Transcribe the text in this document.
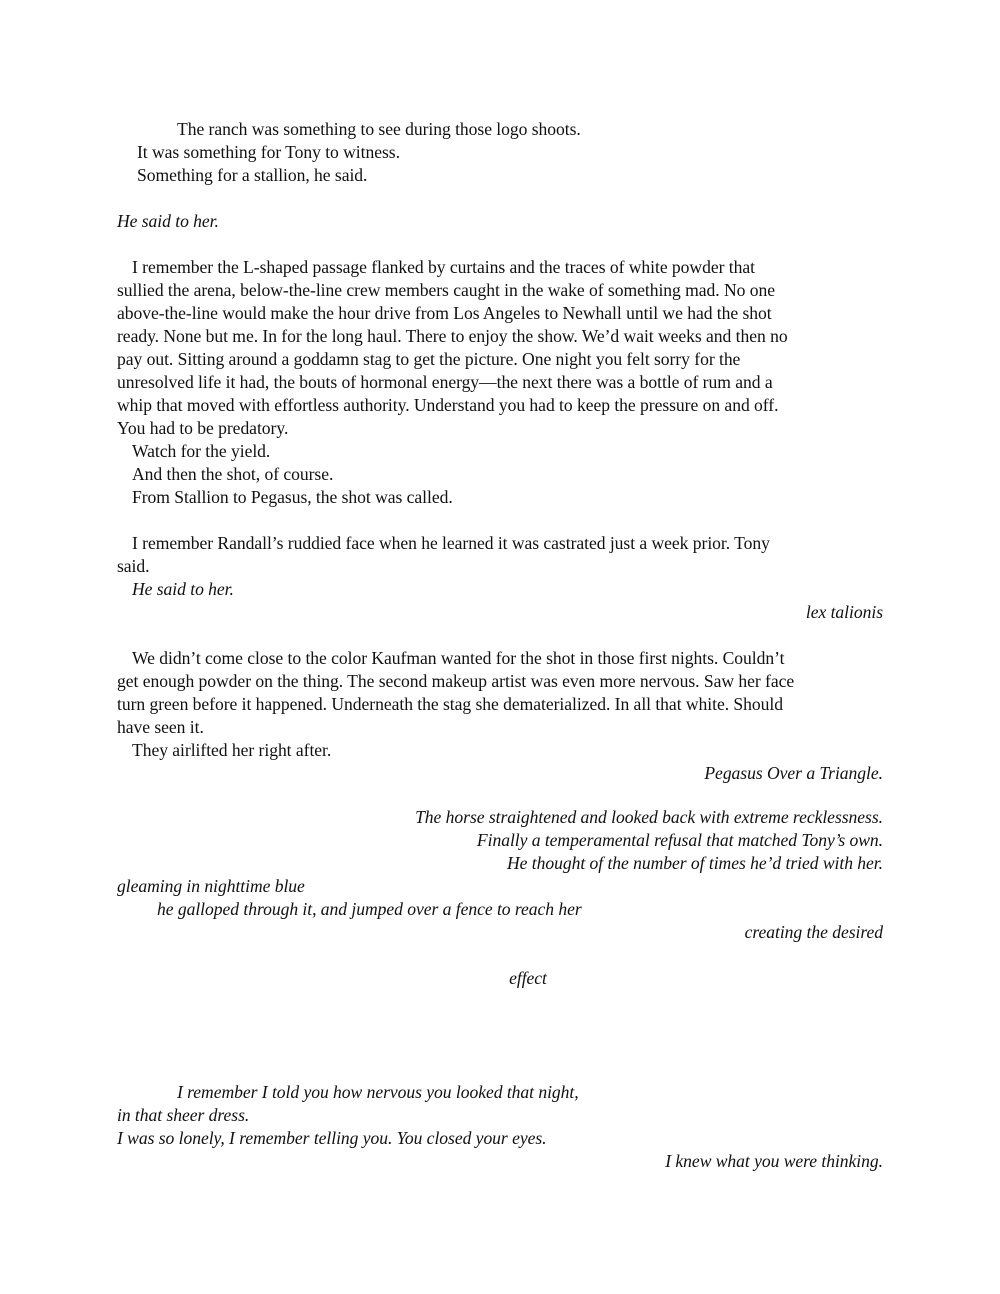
The ranch was something to see during those logo shoots.
It was something for Tony to witness.
Something for a stallion, he said.
He said to her.
I remember the L-shaped passage flanked by curtains and the traces of white powder that
sullied the arena, below-the-line crew members caught in the wake of something mad. No one
above-the-line would make the hour drive from Los Angeles to Newhall until we had the shot
ready. None but me. In for the long haul. There to enjoy the show. We’d wait weeks and then no
pay out. Sitting around a goddamn stag to get the picture. One night you felt sorry for the
unresolved life it had, the bouts of hormonal energy—the next there was a bottle of rum and a
whip that moved with effortless authority. Understand you had to keep the pressure on and off.
You had to be predatory.
Watch for the yield.
And then the shot, of course.
From Stallion to Pegasus, the shot was called.
I remember Randall’s ruddied face when he learned it was castrated just a week prior. Tony
said.
He said to her.
lex talionis
We didn’t come close to the color Kaufman wanted for the shot in those first nights. Couldn’t
get enough powder on the thing. The second makeup artist was even more nervous. Saw her face
turn green before it happened. Underneath the stag she dematerialized. In all that white. Should
have seen it.
They airlifted her right after.
Pegasus Over a Triangle.
The horse straightened and looked back with extreme recklessness.
Finally a temperamental refusal that matched Tony’s own.
He thought of the number of times he’d tried with her.
gleaming in nighttime blue
he galloped through it, and jumped over a fence to reach her
creating the desired
effect
I remember I told you how nervous you looked that night,
in that sheer dress.
I was so lonely, I remember telling you. You closed your eyes.
I knew what you were thinking.
